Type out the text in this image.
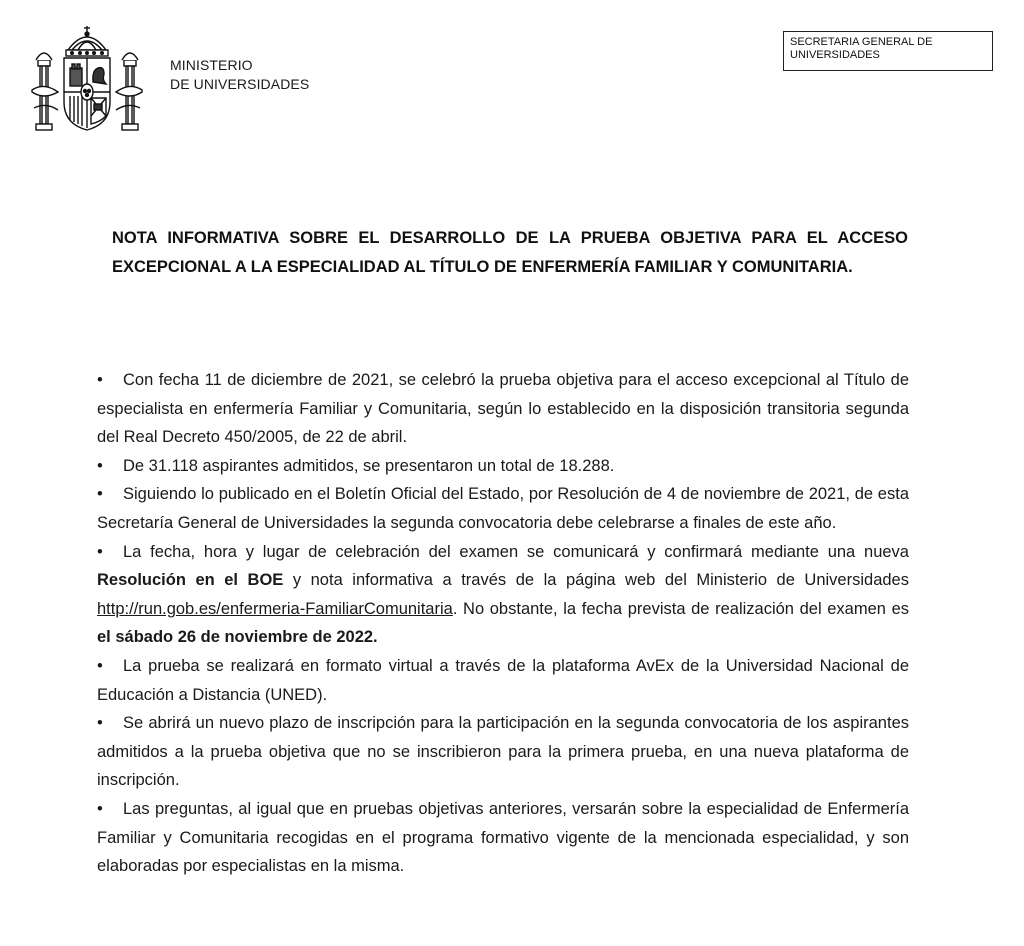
MINISTERIO
DE UNIVERSIDADES
SECRETARIA GENERAL DE UNIVERSIDADES
NOTA INFORMATIVA SOBRE EL DESARROLLO DE LA PRUEBA OBJETIVA PARA EL ACCESO EXCEPCIONAL A LA ESPECIALIDAD AL TÍTULO DE ENFERMERÍA FAMILIAR Y COMUNITARIA.

• Con fecha 11 de diciembre de 2021, se celebró la prueba objetiva para el acceso excepcional al Título de especialista en enfermería Familiar y Comunitaria, según lo establecido en la disposición transitoria segunda del Real Decreto 450/2005, de 22 de abril.

• De 31.118 aspirantes admitidos, se presentaron un total de 18.288.

• Siguiendo lo publicado en el Boletín Oficial del Estado, por Resolución de 4 de noviembre de 2021, de esta Secretaría General de Universidades la segunda convocatoria debe celebrarse a finales de este año.

• La fecha, hora y lugar de celebración del examen se comunicará y confirmará mediante una nueva Resolución en el BOE y nota informativa a través de la página web del Ministerio de Universidades http://run.gob.es/enfermeria-FamiliarComunitaria. No obstante, la fecha prevista de realización del examen es el sábado 26 de noviembre de 2022.

• La prueba se realizará en formato virtual a través de la plataforma AvEx de la Universidad Nacional de Educación a Distancia (UNED).

• Se abrirá un nuevo plazo de inscripción para la participación en la segunda convocatoria de los aspirantes admitidos a la prueba objetiva que no se inscribieron para la primera prueba, en una nueva plataforma de inscripción.

• Las preguntas, al igual que en pruebas objetivas anteriores, versarán sobre la especialidad de Enfermería Familiar y Comunitaria recogidas en el programa formativo vigente de la mencionada especialidad, y son elaboradas por especialistas en la misma.
